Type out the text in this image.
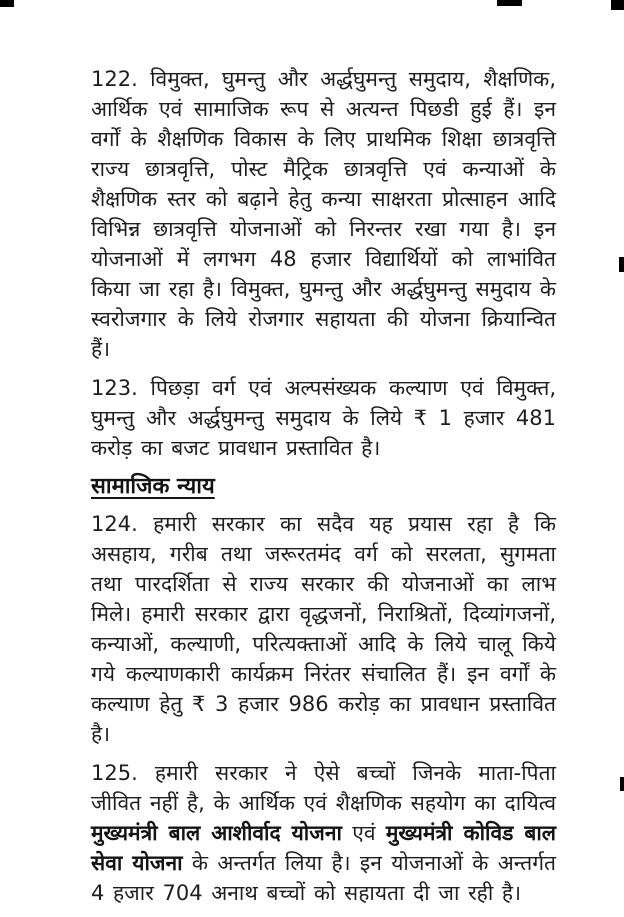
122. विमुक्त, घुमन्तु और अर्द्धघुमन्तु समुदाय, शैक्षणिक, आर्थिक एवं सामाजिक रूप से अत्यन्त पिछडी हुई हैं। इन वर्गों के शैक्षणिक विकास के लिए प्राथमिक शिक्षा छात्रवृत्ति राज्य छात्रवृत्ति, पोस्ट मैट्रिक छात्रवृत्ति एवं कन्याओं के शैक्षणिक स्तर को बढ़ाने हेतु कन्या साक्षरता प्रोत्साहन आदि विभिन्न छात्रवृत्ति योजनाओं को निरन्तर रखा गया है। इन योजनाओं में लगभग 48 हजार विद्यार्थियों को लाभांवित किया जा रहा है। विमुक्त, घुमन्तु और अर्द्धघुमन्तु समुदाय के स्वरोजगार के लिये रोजगार सहायता की योजना क्रियान्वित हैं।

123. पिछड़ा वर्ग एवं अल्पसंख्यक कल्याण एवं विमुक्त, घुमन्तु और अर्द्धघुमन्तु समुदाय के लिये ₹ 1 हजार 481 करोड़ का बजट प्रावधान प्रस्तावित है।

सामाजिक न्याय

124. हमारी सरकार का सदैव यह प्रयास रहा है कि असहाय, गरीब तथा जरूरतमंद वर्ग को सरलता, सुगमता तथा पारदर्शिता से राज्य सरकार की योजनाओं का लाभ मिले। हमारी सरकार द्वारा वृद्धजनों, निराश्रितों, दिव्यांगजनों, कन्याओं, कल्याणी, परित्यक्ताओं आदि के लिये चालू किये गये कल्याणकारी कार्यक्रम निरंतर संचालित हैं। इन वर्गों के कल्याण हेतु ₹ 3 हजार 986 करोड़ का प्रावधान प्रस्तावित है।

125. हमारी सरकार ने ऐसे बच्चों जिनके माता-पिता जीवित नहीं है, के आर्थिक एवं शैक्षणिक सहयोग का दायित्व मुख्यमंत्री बाल आशीर्वाद योजना एवं मुख्यमंत्री कोविड बाल सेवा योजना के अन्तर्गत लिया है। इन योजनाओं के अन्तर्गत 4 हजार 704 अनाथ बच्चों को सहायता दी जा रही है।
